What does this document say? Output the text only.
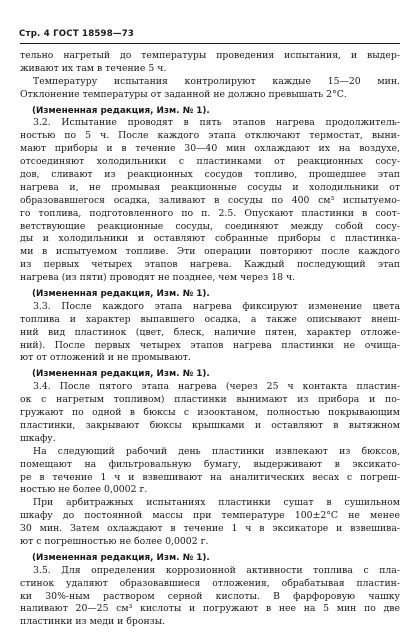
Стр. 4 ГОСТ 18598—73
тельно нагретый до температуры проведения испытания, и выдер-
живают их там в течение 5 ч.
Температуру испытания контролируют каждые 15—20 мин.
Отклонение температуры от заданной не должно превышать 2°С.
(Измененная редакция, Изм. № 1).
3.2. Испытание проводят в пять этапов нагрева продолжитель-
ностью по 5 ч. После каждого этапа отключают термостат, выни-
мают приборы и в течение 30—40 мин охлаждают их на воздухе,
отсоединяют холодильники с пластинками от реакционных сосу-
дов, сливают из реакционных сосудов топливо, прошедшее этап
нагрева и, не промывая реакционные сосуды и холодильники от
образовавшегося осадка, заливают в сосуды по 400 см³ испытуемо-
го топлива, подготовленного по п. 2.5. Опускают пластинки в соот-
ветствующие реакционные сосуды, соединяют между собой сосу-
ды и холодильники и оставляют собранные приборы с пластинка-
ми в испытуемом топливе. Эти операции повторяют после каждого
из первых четырех этапов нагрева. Каждый последующий этап
нагрева (из пяти) проводят не позднее, чем через 18 ч.
(Измененная редакция, Изм. № 1).
3.3. После каждого этапа нагрева фиксируют изменение цвета
топлива и характер выпавшего осадка, а также описывают внеш-
ний вид пластинок (цвет, блеск, наличие пятен, характер отложе-
ний). После первых четырех этапов нагрева пластинки не очища-
ют от отложений и не промывают.
(Измененная редакция, Изм. № 1).
3.4. После пятого этапа нагрева (через 25 ч контакта пластин-
ок с нагретым топливом) пластинки вынимают из прибора и по-
гружают по одной в бюксы с изооктаном, полностью покрывающим
пластинки, закрывают бюксы крышками и оставляют в вытяжном
шкафу.
На следующий рабочий день пластинки извлекают из бюксов,
помещают на фильтровальную бумагу, выдерживают в эксикато-
ре в течение 1 ч и взвешивают на аналитических весах с погреш-
ностью не более 0,0002 г.
При арбитражных испытаниях пластинки сушат в сушильном
шкафу до постоянной массы при температуре 100±2°С не менее
30 мин. Затем охлаждают в течение 1 ч в эксикаторе и взвешива-
ют с погрешностью не более 0,0002 г.
(Измененная редакция, Изм. № 1).
3.5. Для определения коррозионной активности топлива с пла-
стинок удаляют образовавшиеся отложения, обрабатывая пластин-
ки 30%-ным раствором серной кислоты. В фарфоровую чашку
наливают 20—25 см³ кислоты и погружают в нее на 5 мин по две
пластинки из меди и бронзы.
